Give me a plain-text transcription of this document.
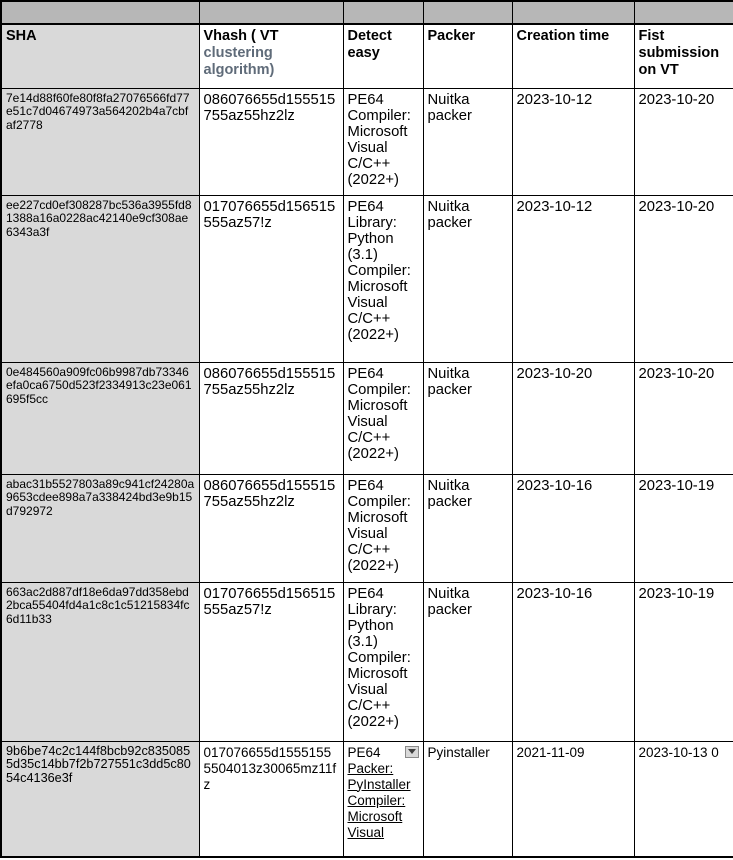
SHA	Vhash ( VT clustering algorithm)	Detect easy	Packer	Creation time	Fist submission on VT
7e14d88f60fe80f8fa27076566fd77e51c7d04674973a564202b4a7cbfaf2778	086076655d155515755az55hz2lz	PE64 Compiler: Microsoft Visual C/C++ (2022+)	Nuitka packer	2023-10-12	2023-10-20
ee227cd0ef308287bc536a3955fd81388a16a0228ac42140e9cf308ae6343a3f	017076655d156515555az57!z	PE64 Library: Python (3.1) Compiler: Microsoft Visual C/C++ (2022+)	Nuitka packer	2023-10-12	2023-10-20
0e484560a909fc06b9987db73346efa0ca6750d523f2334913c23e061695f5cc	086076655d155515755az55hz2lz	PE64 Compiler: Microsoft Visual C/C++ (2022+)	Nuitka packer	2023-10-20	2023-10-20
abac31b5527803a89c941cf24280a9653cdee898a7a338424bd3e9b15d792972	086076655d155515755az55hz2lz	PE64 Compiler: Microsoft Visual C/C++ (2022+)	Nuitka packer	2023-10-16	2023-10-19
663ac2d887df18e6da97dd358ebd2bca55404fd4a1c8c1c51215834fc6d11b33	017076655d156515555az57!z	PE64 Library: Python (3.1) Compiler: Microsoft Visual C/C++ (2022+)	Nuitka packer	2023-10-16	2023-10-19
9b6be74c2c144f8bcb92c8350855d35c14bb7f2b727551c3dd5c8054c4136e3f	017076655d15551555504013z30065mz11fz	PE64 Packer: PyInstaller Compiler: Microsoft Visual	Pyinstaller	2021-11-09	2023-10-13 0
